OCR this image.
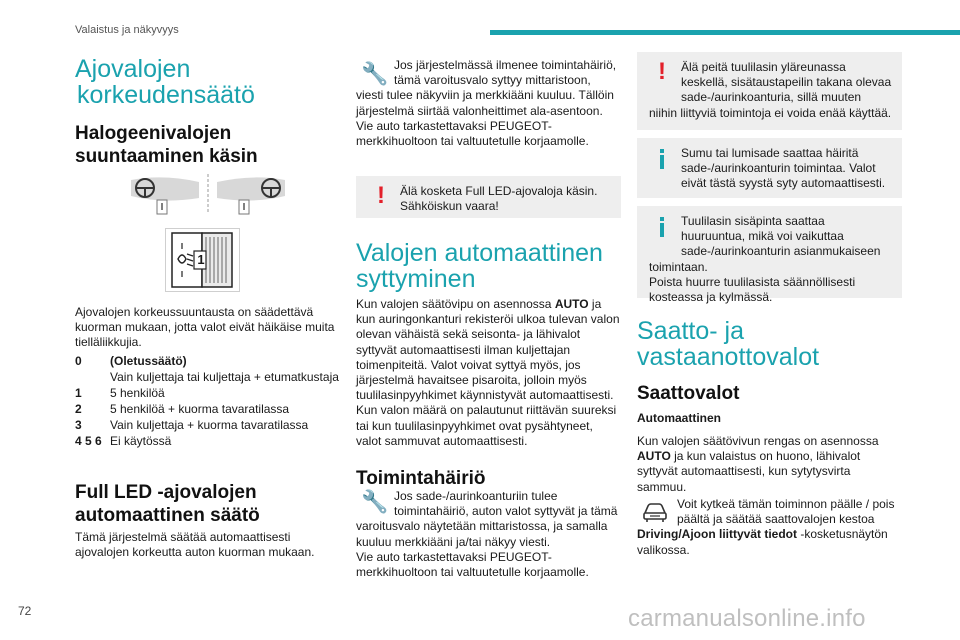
Valaistus ja näkyvyys
Ajovalojen
korkeudensäätö
Halogeenivalojen
suuntaaminen käsin
1
Ajovalojen korkeussuuntausta on säädettävä kuorman mukaan, jotta valot eivät häikäise muita tielläliikkujia.
0	(Oletussäätö)
Vain kuljettaja tai kuljettaja + etumatkustaja
1	5 henkilöä
2	5 henkilöä + kuorma tavaratilassa
3	Vain kuljettaja + kuorma tavaratilassa
4 5 6 Ei käytössä
Full LED -ajovalojen
automaattinen säätö
Tämä järjestelmä säätää automaattisesti ajovalojen korkeutta auton kuorman mukaan.
🔧 Jos järjestelmässä ilmenee toimintahäiriö,
tämä varoitusvalo syttyy mittaristoon,
viesti tulee näkyviin ja merkkiääni kuuluu. Tällöin järjestelmä siirtää valonheittimet ala-asentoon.
Vie auto tarkastettavaksi PEUGEOT-merkkihuoltoon tai valtuutetulle korjaamolle.
!	Älä kosketa Full LED-ajovaloja käsin. Sähköiskun vaara!
Valojen automaattinen
syttyminen
Kun valojen säätövipu on asennossa AUTO ja kun auringonkanturi rekisteröi ulkoa tulevan valon olevan vähäistä sekä seisonta- ja lähivalot syttyvät automaattisesti ilman kuljettajan toimenpiteitä. Valot voivat syttyä myös, jos järjestelmä havaitsee pisaroita, jolloin myös tuulilasinpyyhkimet käynnistyvät automaattisesti. Kun valon määrä on palautunut riittävän suureksi tai kun tuulilasinpyyhkimet ovat pysähtyneet, valot sammuvat automaattisesti.
Toimintahäiriö
🔧 Jos sade-/aurinkoanturiin tulee
toimintahäiriö, auton valot syttyvät ja tämä
varoitusvalo näytetään mittaristossa, ja samalla kuuluu merkkiääni ja/tai näkyy viesti.
Vie auto tarkastettavaksi PEUGEOT-merkkihuoltoon tai valtuutetulle korjaamolle.
!	Älä peitä tuulilasin yläreunassa keskellä, sisätaustapeilin takana olevaa sade-/aurinkoanturia, sillä muuten niihin liittyviä toimintoja ei voida enää käyttää.
Sumu tai lumisade saattaa häiritä sade-/aurinkoanturin toimintaa. Valot eivät tästä syystä syty automaattisesti.
Tuulilasin sisäpinta saattaa huuruuntua, mikä voi vaikuttaa sade-/aurinkoanturin asianmukaiseen toimintaan.
Poista huurre tuulilasista säännöllisesti kosteassa ja kylmässä.
Saatto- ja
vastaanottovalot
Saattovalot
Automaattinen
Kun valojen säätövivun rengas on asennossa AUTO ja kun valaistus on huono, lähivalot syttyvät automaattisesti, kun sytytysvirta sammuu.
Voit kytkeä tämän toiminnon päälle / pois
päältä ja säätää saattovalojen kestoa
Driving/Ajoon liittyvät tiedot -kosketusnäytön valikossa.
72	carmanualsonline.info
